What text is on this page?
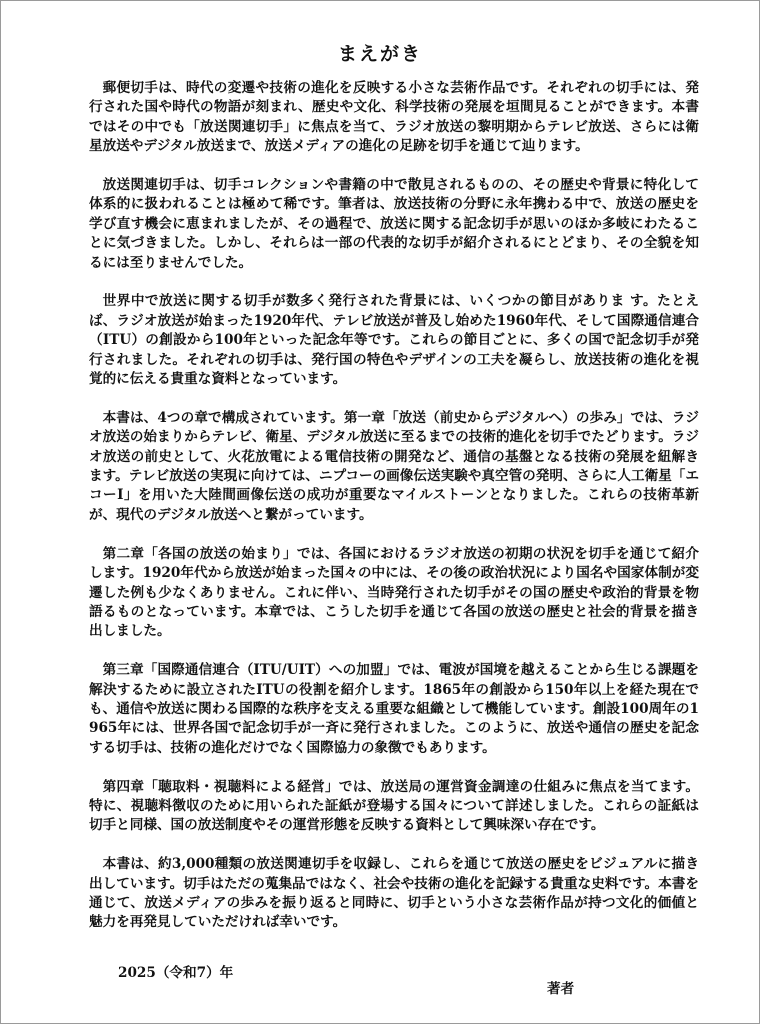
まえがき

郵便切手は、時代の変遷や技術の進化を反映する小さな芸術作品です。それぞれの切手には、発行された国や時代の物語が刻まれ、歴史や文化、科学技術の発展を垣間見ることができます。本書ではその中でも「放送関連切手」に焦点を当て、ラジオ放送の黎明期からテレビ放送、さらには衛星放送やデジタル放送まで、放送メディアの進化の足跡を切手を通じて辿ります。

放送関連切手は、切手コレクションや書籍の中で散見されるものの、その歴史や背景に特化して体系的に扱われることは極めて稀です。筆者は、放送技術の分野に永年携わる中で、放送の歴史を学び直す機会に恵まれましたが、その過程で、放送に関する記念切手が思いのほか多岐にわたることに気づきました。しかし、それらは一部の代表的な切手が紹介されるにとどまり、その全貌を知るには至りませんでした。

世界中で放送に関する切手が数多く発行された背景には、いくつかの節目がありま す。たとえば、ラジオ放送が始まった1920年代、テレビ放送が普及し始めた1960年代、そして国際通信連合（ITU）の創設から100年といった記念年等です。これらの節目ごとに、多くの国で記念切手が発行されました。それぞれの切手は、発行国の特色やデザインの工夫を凝らし、放送技術の進化を視覚的に伝える貴重な資料となっています。

本書は、4つの章で構成されています。第一章「放送（前史からデジタルへ）の歩み」では、ラジオ放送の始まりからテレビ、衛星、デジタル放送に至るまでの技術的進化を切手でたどります。ラジオ放送の前史として、火花放電による電信技術の開発など、通信の基盤となる技術の発展を紐解きます。テレビ放送の実現に向けては、ニプコーの画像伝送実験や真空管の発明、さらに人工衛星「エコーⅠ」を用いた大陸間画像伝送の成功が重要なマイルストーンとなりました。これらの技術革新が、現代のデジタル放送へと繋がっています。

第二章「各国の放送の始まり」では、各国におけるラジオ放送の初期の状況を切手を通じて紹介します。1920年代から放送が始まった国々の中には、その後の政治状況により国名や国家体制が変遷した例も少なくありません。これに伴い、当時発行された切手がその国の歴史や政治的背景を物語るものとなっています。本章では、こうした切手を通じて各国の放送の歴史と社会的背景を描き出しました。

第三章「国際通信連合（ITU/UIT）への加盟」では、電波が国境を越えることから生じる課題を解決するために設立されたITUの役割を紹介します。1865年の創設から150年以上を経た現在でも、通信や放送に関わる国際的な秩序を支える重要な組織として機能しています。創設100周年の1965年には、世界各国で記念切手が一斉に発行されました。このように、放送や通信の歴史を記念する切手は、技術の進化だけでなく国際協力の象徴でもあります。

第四章「聴取料・視聴料による経営」では、放送局の運営資金調達の仕組みに焦点を当てます。特に、視聴料徴収のために用いられた証紙が登場する国々について詳述しました。これらの証紙は切手と同様、国の放送制度やその運営形態を反映する資料として興味深い存在です。

本書は、約3,000種類の放送関連切手を収録し、これらを通じて放送の歴史をビジュアルに描き出しています。切手はただの蒐集品ではなく、社会や技術の進化を記録する貴重な史料です。本書を通じて、放送メディアの歩みを振り返ると同時に、切手という小さな芸術作品が持つ文化的価値と魅力を再発見していただければ幸いです。

2025（令和7）年
著者
